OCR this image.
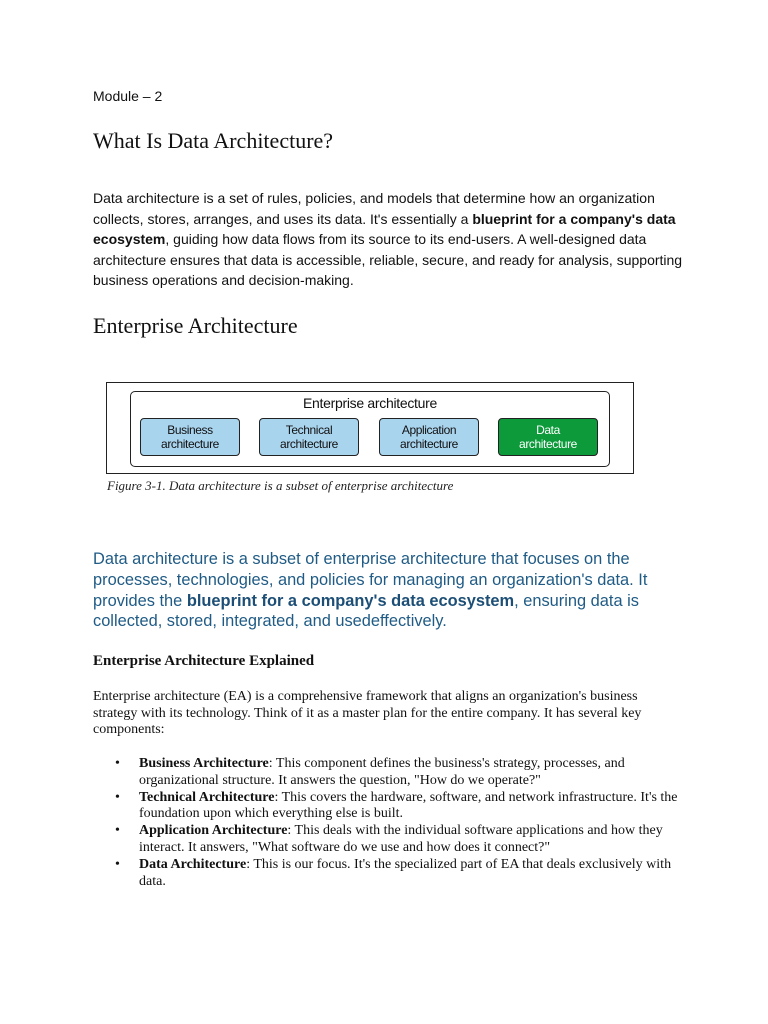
Module – 2
What Is Data Architecture?

Data architecture is a set of rules, policies, and models that determine how an organization collects, stores, arranges, and uses its data. It's essentially a blueprint for a company's data ecosystem, guiding how data flows from its source to its end-users. A well-designed data architecture ensures that data is accessible, reliable, secure, and ready for analysis, supporting business operations and decision-making.

Enterprise Architecture
Enterprise architecture
Business
architecture
Technical
architecture
Application
architecture
Data
architecture
Figure 3-1. Data architecture is a subset of enterprise architecture

Data architecture is a subset of enterprise architecture that focuses on the processes, technologies, and policies for managing an organization's data. It provides the blueprint for a company's data ecosystem, ensuring data is collected, stored, integrated, and usedeffectively.

Enterprise Architecture Explained

Enterprise architecture (EA) is a comprehensive framework that aligns an organization's business strategy with its technology. Think of it as a master plan for the entire company. It has several key components:

• Business Architecture: This component defines the business's strategy, processes, and organizational structure. It answers the question, "How do we operate?"
• Technical Architecture: This covers the hardware, software, and network infrastructure. It's the foundation upon which everything else is built.
• Application Architecture: This deals with the individual software applications and how they interact. It answers, "What software do we use and how does it connect?"
• Data Architecture: This is our focus. It's the specialized part of EA that deals exclusively with data.
